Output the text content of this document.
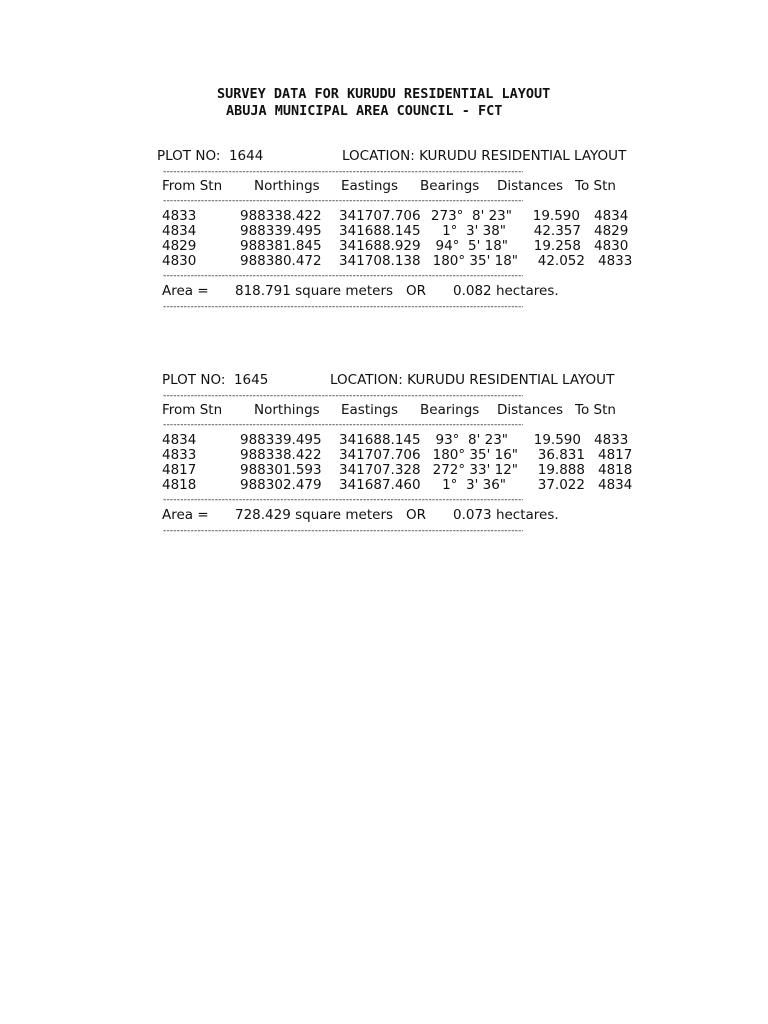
SURVEY DATA FOR KURUDU RESIDENTIAL LAYOUT
ABUJA MUNICIPAL AREA COUNCIL - FCT
PLOT NO:  1644	LOCATION: KURUDU RESIDENTIAL LAYOUT
-----
From Stn Northings Eastings Bearings Distances To Stn
-----
4833	988338.422 341707.706 273°  8' 23"	19.590 4834
4834	988339.495 341688.145	1°  3' 38"	42.357 4829
4829	988381.845 341688.929	94°  5' 18"	19.258 4830
4830	988380.472 341708.138 180° 35' 18"	42.052 4833
-----
Area = 818.791 square meters OR 0.082 hectares.
-----
PLOT NO:  1645	LOCATION: KURUDU RESIDENTIAL LAYOUT
-----
From Stn Northings Eastings Bearings Distances To Stn
-----
4834	988339.495 341688.145	93°  8' 23"	19.590 4833
4833	988338.422 341707.706 180° 35' 16"	36.831 4817
4817	988301.593 341707.328 272° 33' 12"	19.888 4818
4818	988302.479 341687.460	1°  3' 36"	37.022 4834
-----
Area = 728.429 square meters OR 0.073 hectares.
-----
